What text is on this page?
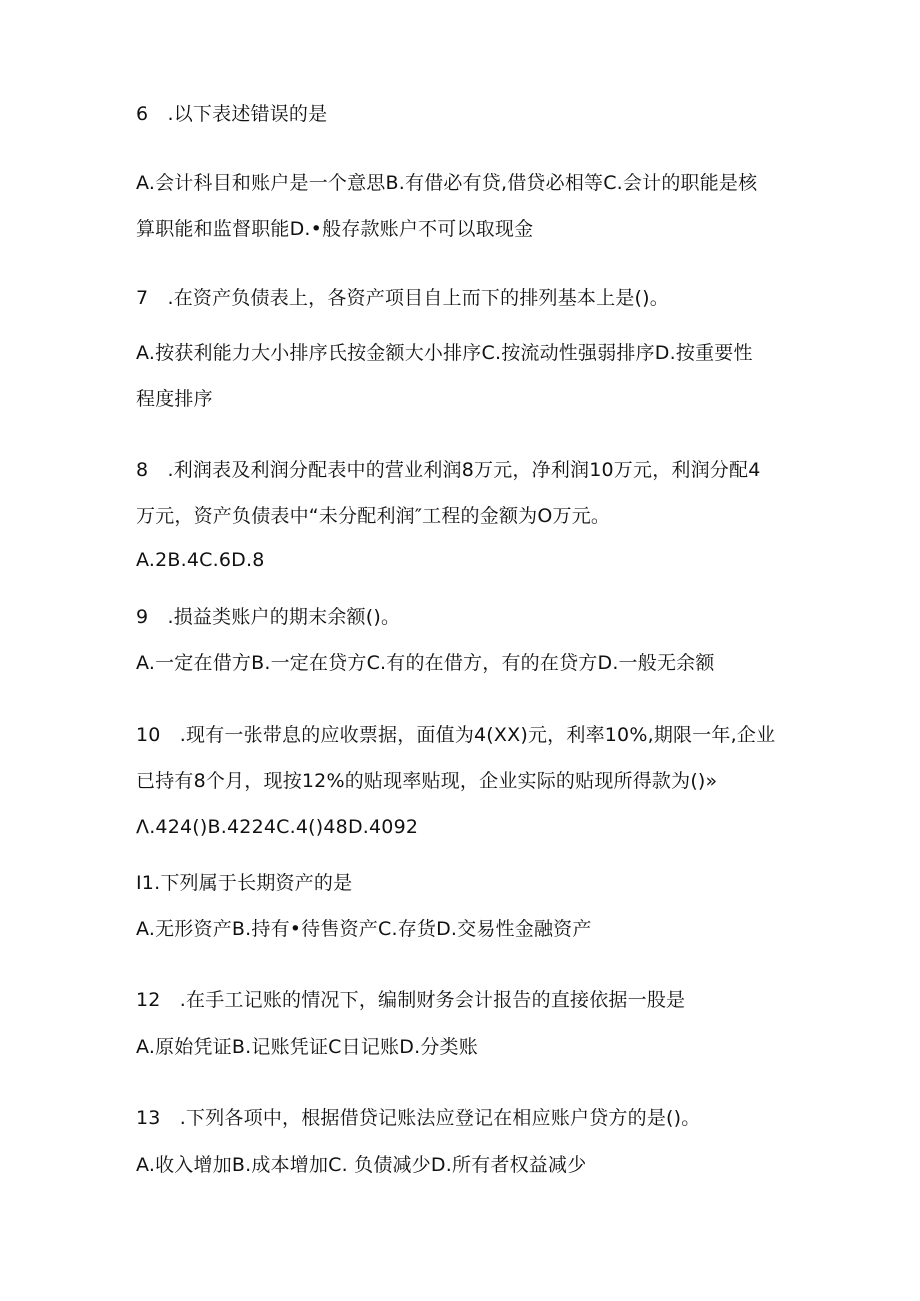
6　.以下表述错误的是
A.会计科目和账户是一个意思B.有借必有贷,借贷必相等C.会计的职能是核
算职能和监督职能D.•般存款账户不可以取现金
7　.在资产负债表上，各资产项目自上而下的排列基本上是()。
A.按获利能力大小排序氏按金额大小排序C.按流动性强弱排序D.按重要性
程度排序
8　.利润表及利润分配表中的营业利润8万元，净利润10万元，利润分配4
万元，资产负债表中“未分配利润″工程的金额为O万元。
A.2B.4C.6D.8
9　.损益类账户的期末余额()。
A.一定在借方B.一定在贷方C.有的在借方，有的在贷方D.一般无余额
10　.现有一张带息的应收票据，面值为4(XX)元，利率10%,期限一年,企业
已持有8个月，现按12%的贴现率贴现，企业实际的贴现所得款为()»
Λ.424()B.4224C.4()48D.4092
I1.下列属于长期资产的是
A.无形资产B.持有•待售资产C.存货D.交易性金融资产
12　.在手工记账的情况下，编制财务会计报告的直接依据一股是
A.原始凭证B.记账凭证C日记账D.分类账
13　.下列各项中，根据借贷记账法应登记在相应账户贷方的是()。
A.收入增加B.成本增加C. 负债减少D.所有者权益减少
